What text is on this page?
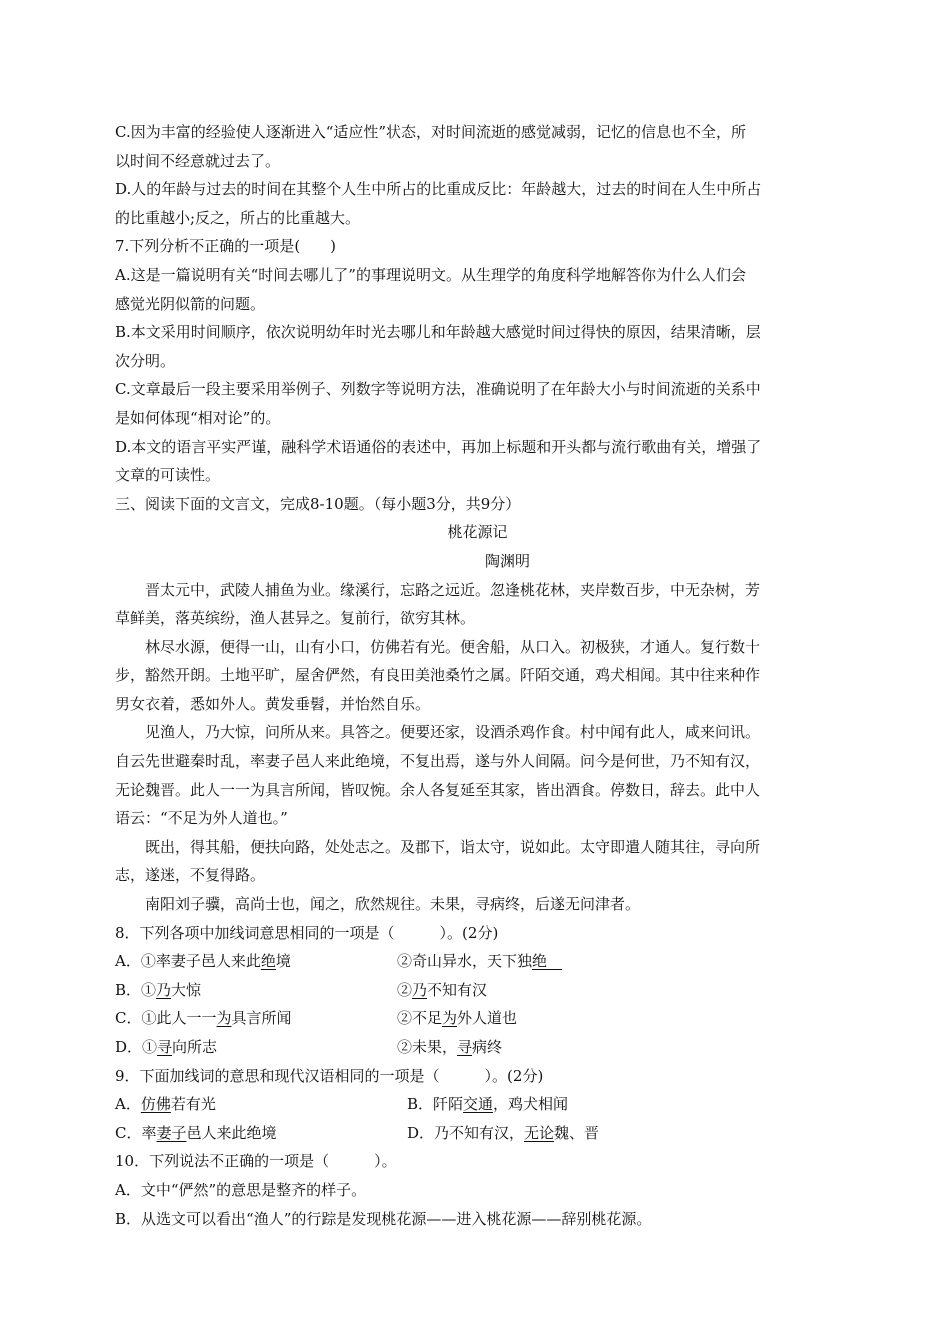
C.因为丰富的经验使人逐渐进入“适应性”状态，对时间流逝的感觉减弱，记忆的信息也不全，所
以时间不经意就过去了。
D.人的年龄与过去的时间在其整个人生中所占的比重成反比：年龄越大，过去的时间在人生中所占
的比重越小;反之，所占的比重越大。
7.下列分析不正确的一项是(　　)
A.这是一篇说明有关“时间去哪儿了”的事理说明文。从生理学的角度科学地解答你为什么人们会
感觉光阴似箭的问题。
B.本文采用时间顺序，依次说明幼年时光去哪儿和年龄越大感觉时间过得快的原因，结果清晰，层
次分明。
C.文章最后一段主要采用举例子、列数字等说明方法，准确说明了在年龄大小与时间流逝的关系中
是如何体现“相对论”的。
D.本文的语言平实严谨，融科学术语通俗的表述中，再加上标题和开头都与流行歌曲有关，增强了
文章的可读性。
三、阅读下面的文言文，完成8-10题。（每小题3分，共9分）
桃花源记
陶渊明
晋太元中，武陵人捕鱼为业。缘溪行，忘路之远近。忽逢桃花林，夹岸数百步，中无杂树，芳
草鲜美，落英缤纷，渔人甚异之。复前行，欲穷其林。
林尽水源，便得一山，山有小口，仿佛若有光。便舍船，从口入。初极狭，才通人。复行数十
步，豁然开朗。土地平旷，屋舍俨然，有良田美池桑竹之属。阡陌交通，鸡犬相闻。其中往来种作
男女衣着，悉如外人。黄发垂髫，并怡然自乐。
见渔人，乃大惊，问所从来。具答之。便要还家，设酒杀鸡作食。村中闻有此人，咸来问讯。
自云先世避秦时乱，率妻子邑人来此绝境，不复出焉，遂与外人间隔。问今是何世，乃不知有汉，
无论魏晋。此人一一为具言所闻，皆叹惋。余人各复延至其家，皆出酒食。停数日，辞去。此中人
语云：“不足为外人道也。”
既出，得其船，便扶向路，处处志之。及郡下，诣太守，说如此。太守即遣人随其往，寻向所
志，遂迷，不复得路。
南阳刘子骥，高尚士也，闻之，欣然规往。未果，寻病终，后遂无问津者。
8．下列各项中加线词意思相同的一项是（　　　）。(2分)
A．①率妻子邑人来此绝境	②奇山异水，天下独绝　
B．①乃大惊	②乃不知有汉
C．①此人一一为具言所闻	②不足为外人道也
D．①寻向所志	②未果，寻病终
9．下面加线词的意思和现代汉语相同的一项是（　　　）。(2分)
A．仿佛若有光	B．阡陌交通，鸡犬相闻
C．率妻子邑人来此绝境	D．乃不知有汉，无论魏、晋
10．下列说法不正确的一项是（　　　）。
A．文中“俨然”的意思是整齐的样子。
B．从选文可以看出“渔人”的行踪是发现桃花源——进入桃花源——辞别桃花源。
